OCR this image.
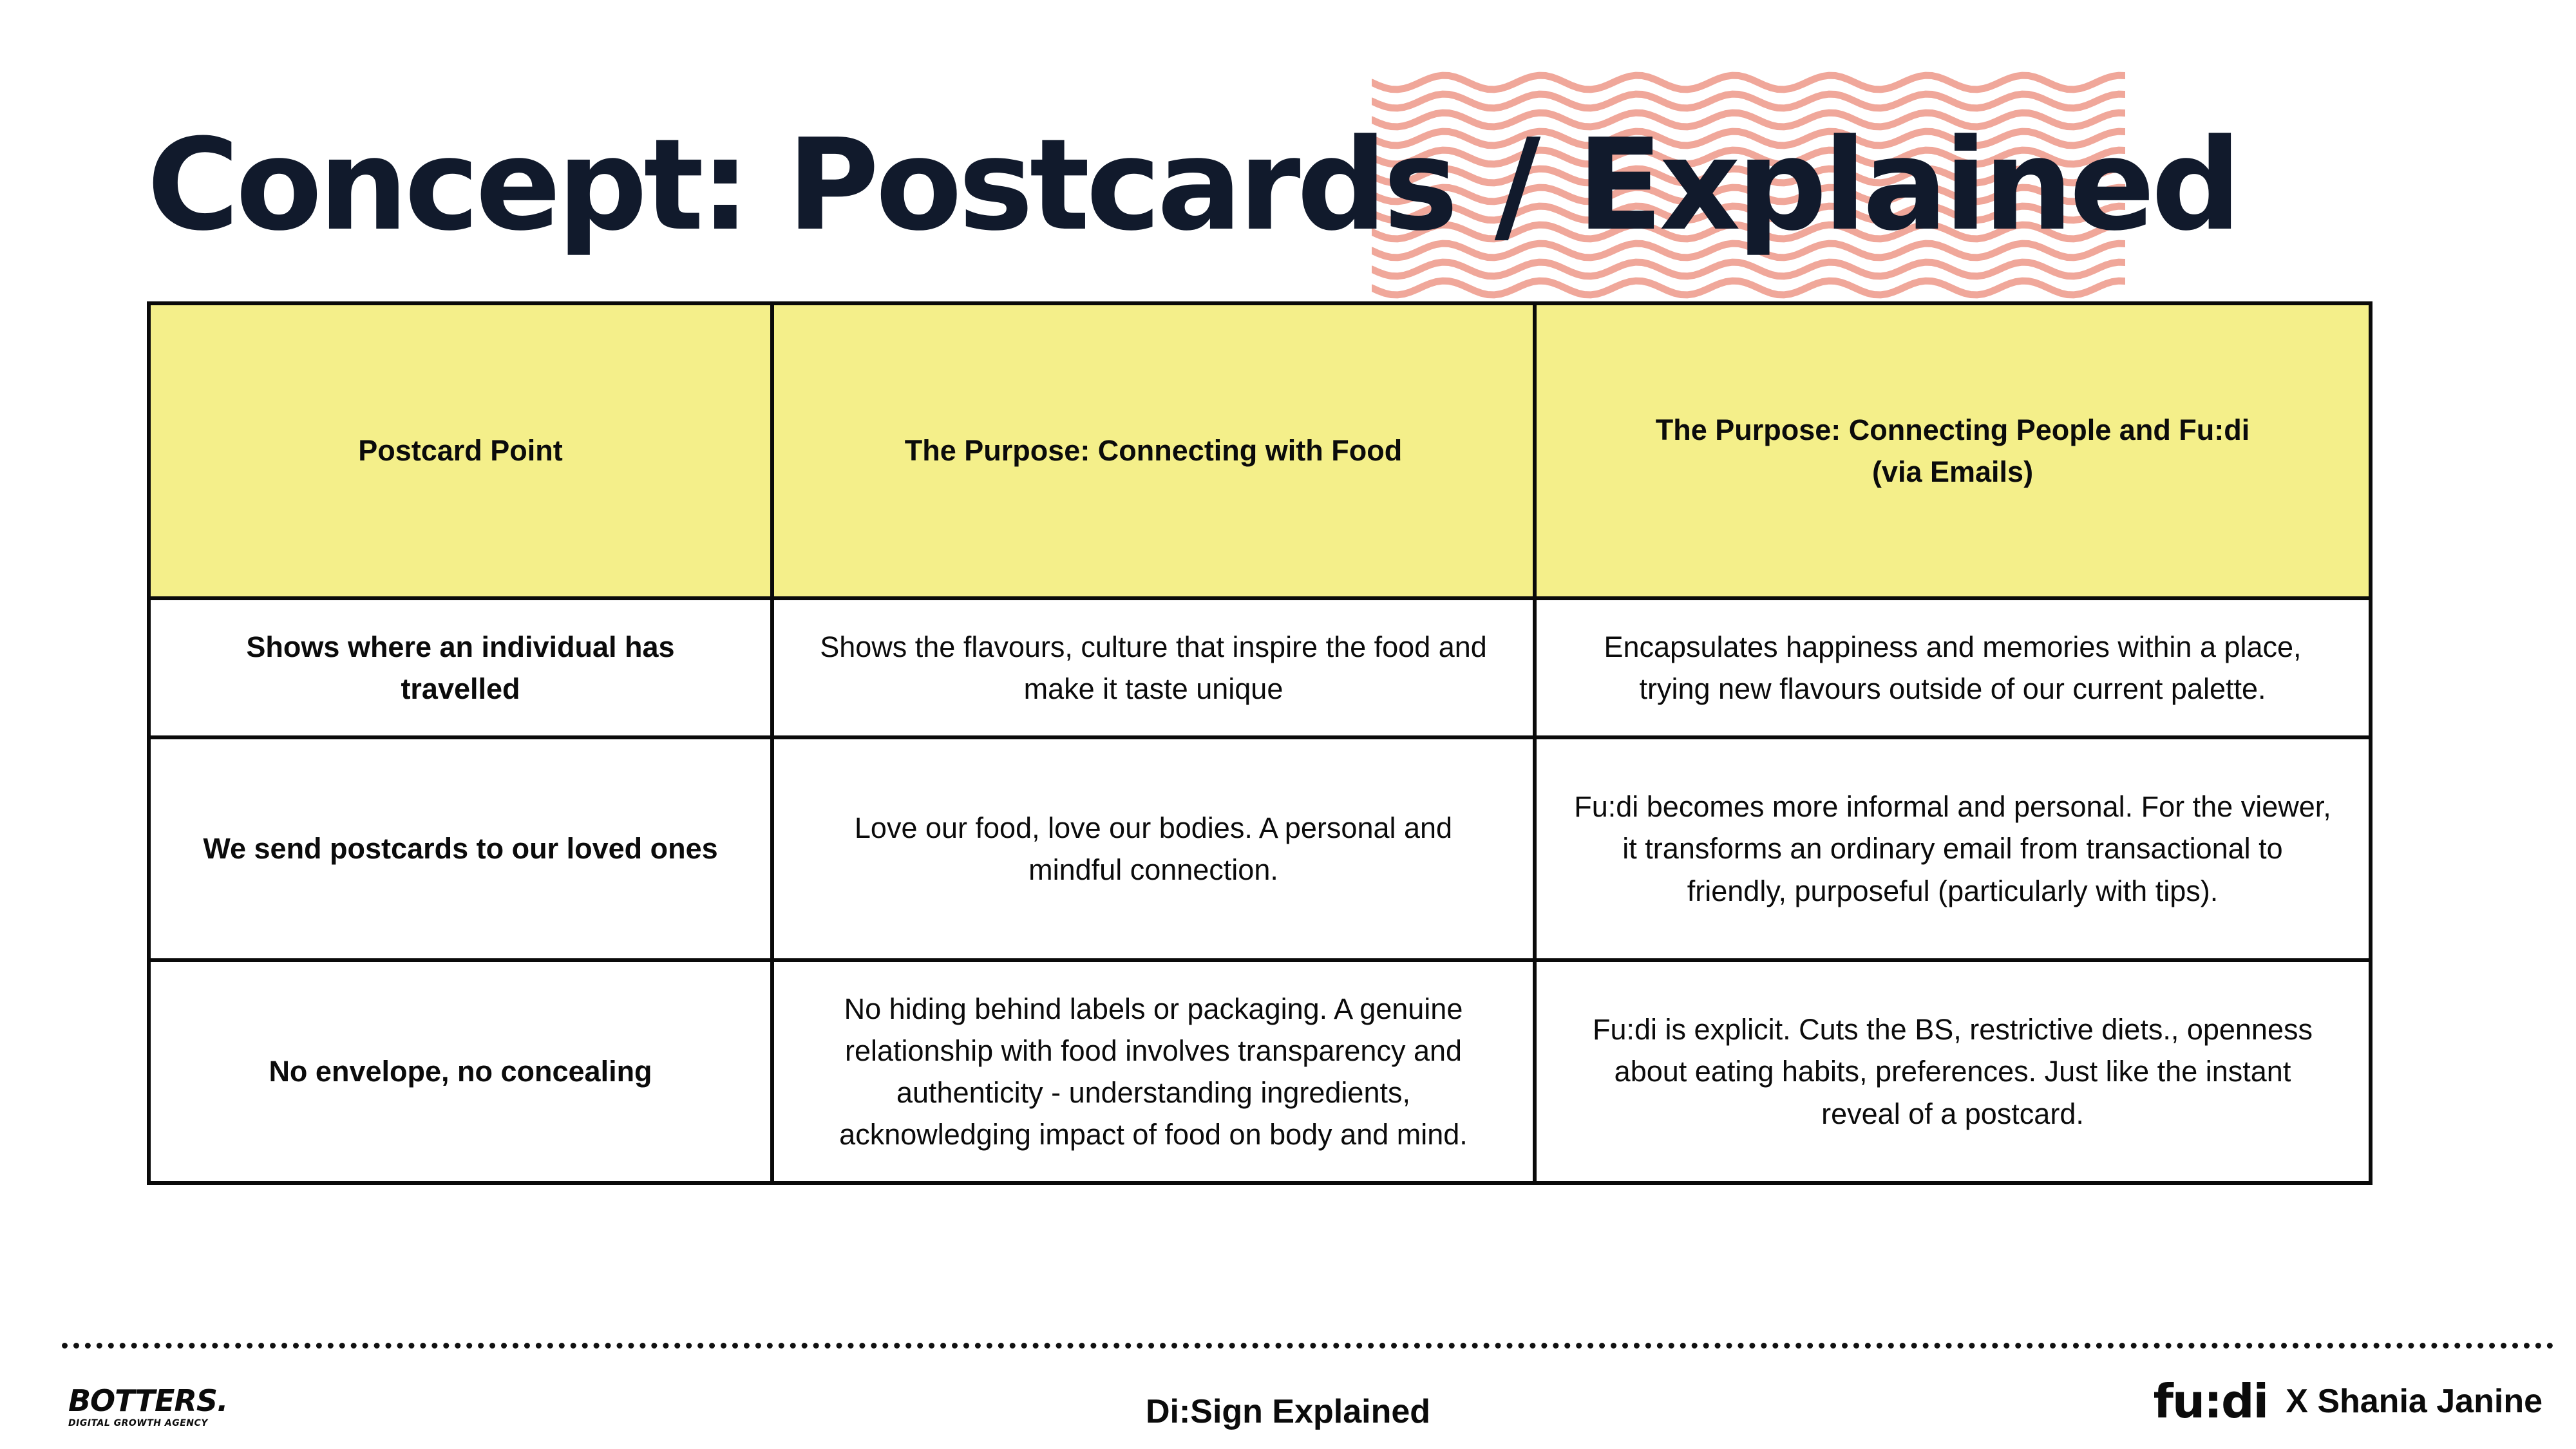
Concept: Postcards / Explained
Postcard Point	The Purpose: Connecting with Food	The Purpose: Connecting People and Fu:di
(via Emails)
Shows where an individual has travelled	Shows the flavours, culture that inspire the food and make it taste unique	Encapsulates happiness and memories within a place, trying new flavours outside of our current palette.
We send postcards to our loved ones	Love our food, love our bodies. A personal and mindful connection.	Fu:di becomes more informal and personal. For the viewer, it transforms an ordinary email from transactional to friendly, purposeful (particularly with tips).
No envelope, no concealing	No hiding behind labels or packaging. A genuine relationship with food involves transparency and authenticity - understanding ingredients, acknowledging impact of food on body and mind.	Fu:di is explicit. Cuts the BS, restrictive diets., openness about eating habits, preferences. Just like the instant reveal of a postcard.
BOTTERS.
DIGITAL GROWTH AGENCY	Di:Sign Explained	fu:di X Shania Janine
